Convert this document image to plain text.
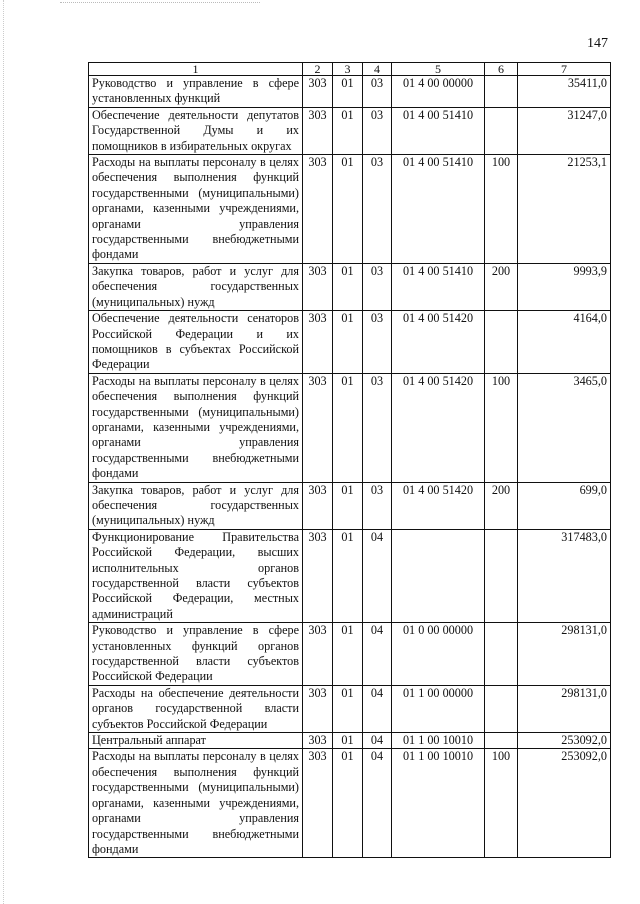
147
1	2	3	4	5	6	7
Руководство и управление в сфере установленных функций	303	01	03	01 4 00 00000		35411,0
Обеспечение деятельности депутатов Государственной Думы и их помощников в избирательных округах	303	01	03	01 4 00 51410		31247,0
Расходы на выплаты персоналу в целях обеспечения выполнения функций государственными (муниципальными) органами, казенными учреждениями, органами управления государственными внебюджетными фондами	303	01	03	01 4 00 51410	100	21253,1
Закупка товаров, работ и услуг для обеспечения государственных (муниципальных) нужд	303	01	03	01 4 00 51410	200	9993,9
Обеспечение деятельности сенаторов Российской Федерации и их помощников в субъектах Российской Федерации	303	01	03	01 4 00 51420		4164,0
Расходы на выплаты персоналу в целях обеспечения выполнения функций государственными (муниципальными) органами, казенными учреждениями, органами управления государственными внебюджетными фондами	303	01	03	01 4 00 51420	100	3465,0
Закупка товаров, работ и услуг для обеспечения государственных (муниципальных) нужд	303	01	03	01 4 00 51420	200	699,0
Функционирование Правительства Российской Федерации, высших исполнительных органов государственной власти субъектов Российской Федерации, местных администраций	303	01	04			317483,0
Руководство и управление в сфере установленных функций органов государственной власти субъектов Российской Федерации	303	01	04	01 0 00 00000		298131,0
Расходы на обеспечение деятельности органов государственной власти субъектов Российской Федерации	303	01	04	01 1 00 00000		298131,0
Центральный аппарат	303	01	04	01 1 00 10010		253092,0
Расходы на выплаты персоналу в целях обеспечения выполнения функций государственными (муниципальными) органами, казенными учреждениями, органами управления государственными внебюджетными фондами	303	01	04	01 1 00 10010	100	253092,0
